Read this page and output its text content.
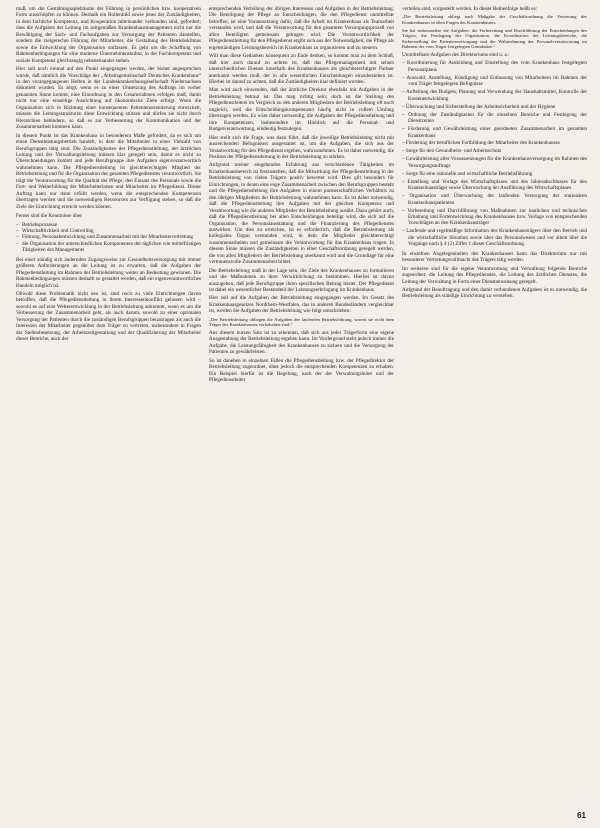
muß, um die Gestaltungsspielräume der Führung in persönlichen bzw. kooperativen Form ausschöpfen zu können. Deshalb ein Rollenbild sowie jenes der Zuständigkeiten, in dem fachliche Kompetenz, und Kooperation miteinander verbunden sind, gefordert; dass die Aufgaben der Leitung im zeitgemäßen Krankenhausmanagement nicht nur die Bewältigung der Sach- und Fachaufgaben zur Versorgung der Patienten darstellen, sondern die zielgerechte Führung der Mitarbeiter, die Gestaltung des Betriebsklimas sowie die Entwicklung der Organisation umfassen. Es geht um die Schaffung von Rahmenbedingungen für eine moderne Unternehmenskultur, in der Fachkompetenz und soziale Kompetenz gleichrangig nebeneinander stehen.

Hier soll noch einmal auf den Punkt eingegangen werden, der bisher angesprochen wurde, daß nämlich die Vorschläge der „Arbeitsgemeinschaft Deutsches Krankenhaus“ in den vorangegangenen Heften in der Landeskrankenhausgesellschaft Niedersachsen diskutiert wurden. Es zeigt, wenn es zu einer Umsetzung des Auftrags im vorher genannten Sinne kommt, eine Einordnung in den Gesamtrahmen erfolgen muß, damit nicht nur eine einseitige Ausrichtung auf ökonomische Ziele erfolgt. Wenn die Organisation sich in Richtung einer konsequenten Patientenorientierung entwickelt, müssen die Leitungsstrukturen diese Entwicklung stützen und dürfen sie nicht durch Hierarchien behindern, so daß es zur Verbesserung der Kommunikation und der Zusammenarbeit kommen kann.

In diesem Punkt ist das Krankenhaus in besonderem Maße gefordert, da es sich um einen Dienstleistungsbetrieb handelt, in dem die Mitarbeiter in einer Vielzahl von Berufsgruppen tätig sind. Die Zuständigkeiten der Pflegedienstleitung, der ärztlichen Leitung und der Verwaltungsleitung müssen klar geregelt sein, damit es nicht zu Überschneidungen kommt und jede Berufsgruppe ihre Aufgaben eigenverantwortlich wahrnehmen kann. Die Pflegedienstleitung ist gleichberechtigtes Mitglied der Betriebsleitung und für die Organisation des gesamten Pflegedienstes verantwortlich. Sie trägt die Verantwortung für die Qualität der Pflege, den Einsatz des Personals sowie die Fort- und Weiterbildung der Mitarbeiterinnen und Mitarbeiter im Pflegedienst. Dieser Auftrag kann nur dann erfüllt werden, wenn die entsprechenden Kompetenzen übertragen werden und die notwendigen Ressourcen zur Verfügung stehen, so daß die Ziele der Einrichtung erreicht werden können.

Ferner sind die Kenntnisse über

– Betriebsprozesse
– Wirtschaftlichkeit und Controlling
– Führung, Personalentwicklung und Zusammenarbeit mit der Mitarbeitervertretung
– die Organisation der unterschiedlichen Komponenten der täglichen wie mittelfristigen Tätigkeiten des Managements

Bei einer ständig sich ändernden Zugangsweise zur Gesundheitsversorgung mit immer größeren Anforderungen an die Leitung ist zu erwarten, daß die Aufgaben der Pflegedienstleitung im Rahmen der Betriebsleitung weiter an Bedeutung gewinnen. Die Rahmenbedingungen müssen deshalb so gestaltet werden, daß ein eigenverantwortliches Handeln möglich ist.

Obwohl diese Problematik nicht neu ist, sind noch zu viele Einrichtungen davon betroffen, daß die Pflegedienstleitung in ihrem Interessenkonflikt gelassen wird – sowohl es auf eine Weiterentwicklung in der Betriebsleitung ankommt, wenn es um die Verbesserung der Zusammenarbeit geht, als auch darum, sowohl zu einer optimalen Versorgung der Patienten durch die zuständigen Berufsgruppen beizutragen als auch die Interessen der Mitarbeiter gegenüber dem Träger zu vertreten, insbesondere in Fragen der Stellenbesetzung, der Arbeitszeitgestaltung und der Qualifizierung der Mitarbeiter dieser Bereiche, auch der

entsprechenden Verteilung der übrigen Interessen und Aufgaben in der Betriebsleitung. Die Beteiligung der Pflege an Entscheidungen, die den Pflegedienst unmittelbar betreffen, ist eine Voraussetzung dafür, daß die Arbeit im Krankenhaus als Teamarbeit verstanden wird, und daß die Verantwortung für den gesamten Versorgungsprozeß von allen Beteiligten gemeinsam getragen wird. Die Verantwortlichkeit der Pflegedienstleitung für den Pflegedienst ergibt sich aus der Notwendigkeit, die Pflege als eigenständigen Leistungsbereich im Krankenhaus zu organisieren und zu steuern.

Will man diese Gedanken konsequent zu Ende denken, so kommt man zu dem Schluß, daß hier auch darauf zu achten ist, daß das Pflegemanagement mit seinen unterschiedlichen Ebenen innerhalb des Krankenhauses als gleichberechtigter Partner anerkannt werden muß, der in alle wesentlichen Entscheidungen einzubeziehen ist. Hierbei ist darauf zu achten, daß die Zuständigkeiten klar definiert werden.

Man wird auch einwenden, daß der ärztliche Direktor ebenfalls mit Aufgaben in der Betriebsleitung betraut ist. Das mag richtig sein; doch ist die Stellung des Pflegedienstleiters im Vergleich zu den anderen Mitgliedern der Betriebsleitung oft noch ungleich, weil die Entscheidungskompetenzen häufig nicht in vollem Umfang übertragen werden. Es wäre daher notwendig, die Aufgaben der Pflegedienstleitung und ihre Kompetenzen, insbesondere im Hinblick auf die Personal- und Budgetverantwortung, eindeutig festzulegen.

Hier stellt sich die Frage, was dazu führt, daß die jeweilige Betriebsleitung nicht mit ausreichenden Befugnissen ausgestattet ist, um die Aufgaben, die sich aus der Verantwortung für den Pflegedienst ergeben, wahrzunehmen. Es ist daher notwendig, die Position der Pflegedienstleitung in der Betriebsleitung zu stärken.

Aufgrund meiner eingehenden Erfahrung aus verschiedenen Tätigkeiten im Krankenhausbereich ist festzustellen, daß die Mitwirkung der Pflegedienstleitung in der Betriebsleitung von vielen Trägern positiv bewertet wird. Dies gilt besonders für Einrichtungen, in denen eine enge Zusammenarbeit zwischen den Berufsgruppen besteht und die Pflegedienstleitung ihre Aufgaben in einem partnerschaftlichen Verhältnis zu den übrigen Mitgliedern der Betriebsleitung wahrnehmen kann. Es ist daher notwendig, daß die Pflegedienstleitung ihre Aufgaben mit der gleichen Kompetenz und Verantwortung wie die anderen Mitglieder der Betriebsleitung ausübt. Dazu gehört auch, daß die Pflegedienstleitung bei allen Entscheidungen beteiligt wird, die sich auf die Organisation, die Personalausstattung und die Finanzierung des Pflegedienstes auswirken. Um dies zu erreichen, ist es erforderlich, daß die Betriebsleitung als kollegiales Organ verstanden wird, in dem die Mitglieder gleichberechtigt zusammenarbeiten und gemeinsam die Verantwortung für das Krankenhaus tragen. In diesem Sinne müssen die Zuständigkeiten in einer Geschäftsordnung geregelt werden, die von allen Mitgliedern der Betriebsleitung anerkannt wird und die Grundlage für eine vertrauensvolle Zusammenarbeit bildet.

Die Betriebsleitung muß in der Lage sein, die Ziele des Krankenhauses zu formulieren und die Maßnahmen zu ihrer Verwirklichung zu bestimmen. Hierbei ist davon auszugehen, daß jede Berufsgruppe ihren spezifischen Beitrag leistet. Der Pflegedienst ist dabei ein wesentlicher Bestandteil der Leistungserbringung im Krankenhaus.

Hier soll auf die Aufgaben der Betriebsleitung eingegangen werden. Im Gesetz des Krankenhausgesetzes Nordrhein-Westfalen, das in anderen Bundesländern vergleichbar ist, werden die Aufgaben der Betriebsleitung wie folgt umschrieben:

„Der Betriebsleitung obliegen die Aufgaben der laufenden Betriebsführung, soweit sie nicht dem Träger des Krankenhauses vorbehalten sind.“

Aus diesem kurzen Satz ist zu erkennen, daß sich aus jeder Trägerform eine eigene Ausgestaltung der Betriebsleitung ergeben kann. Im Vordergrund steht jedoch immer die Aufgabe, die Leistungsfähigkeit des Krankenhauses zu sichern und die Versorgung der Patienten zu gewährleisten.

So ist daneben in einzelnen Fällen die Pflegedienstleitung bzw. der Pflegedirektor der Betriebsleitung zugeordnet, ohne jedoch die entsprechenden Kompetenzen zu erhalten. Ein Beispiel hierfür ist die Regelung, nach der der Verwaltungsleiter und der Pflegedienstleiter

verteilen sind, vorgestellt werden. In dieser Reihenfolge heißt es:

„Der Betriebsleitung obliegt nach Maßgabe der Geschäftsordnung die Vertretung des Krankenhauses in allen Fragen des Krankenhauses.

Sie hat insbesondere die Aufgaben: die Vorbereitung und Durchführung der Entscheidungen des Trägers, die Festlegung der Organisation, die Koordination der Leistungsbereiche, die Sicherstellung der Patientenversorgung und die Wahrnehmung der Personalverantwortung im Rahmen der vom Träger festgelegten Grundsätze.“

Unmittelbare Aufgaben des Direktoriums sind u. a.:

– Koordinierung für Ausbildung und Einstellung des vom Krankenhaus festgelegten Personalplans

– Auswahl, Anstellung, Kündigung und Entlassung von Mitarbeitern im Rahmen der vom Träger festgelegten Befugnisse

– Aufteilung des Budgets, Planung und Verwendung der Haushaltsmittel, Kontrolle der Kostenentwicklung

– Überwachung und Sicherstellung der Arbeitssicherheit und der Hygiene

– Ordnung der Zuständigkeiten für die einzelnen Bereiche und Festlegung der Dienstzeiten

– Förderung und Gewährleistung einer geordneten Zusammenarbeit im gesamten Krankenhaus

– Förderung der beruflichen Fortbildung der Mitarbeiter des Krankenhauses

– Sorge für den Gesundheits- und Arbeitsschutz

– Gewährleistung aller Voraussetzungen für die Krankenhausversorgung im Rahmen des Versorgungsauftrags

– Sorge für eine rationelle und wirtschaftliche Betriebsführung

– Erstellung und Vorlage des Wirtschaftsplanes und des Jahresabschlusses für den Krankenhausträger sowie Überwachung der Ausführung des Wirtschaftsplanes

– Organisation und Überwachung der laufenden Versorgung der stationären Krankenhauspatienten

– Vorbereitung und Durchführung von Maßnahmen zur baulichen und technischen Erhaltung und Fortentwicklung des Krankenhauses bzw. Vorlage von entsprechenden Vorschlägen an den Krankenhausträger

– Laufende und regelmäßige Information des Krankenhausträgers über den Betrieb und die wirtschaftliche Situation sowie über das Personalwesen und vor allem über die Vorgänge nach § 4 (2) Ziffer 1 dieser Geschäftsordnung.

In einzelnen Angelegenheiten des Krankenhauses kann das Direktorium nur mit besonderer Vertretungsvollmacht des Trägers tätig werden.

Im weiteren sind für die eigene Verantwortung und Verwaltung folgende Bereiche zugeordnet: die Leitung des Pflegedienstes, die Leitung des ärztlichen Dienstes, die Leitung der Verwaltung in Form einer Dienstanweisung geregelt.

Aufgrund der Beauftragung und den damit verbundenen Aufgaben ist es notwendig, die Betriebsleitung als ständige Einrichtung zu verstehen.

61
